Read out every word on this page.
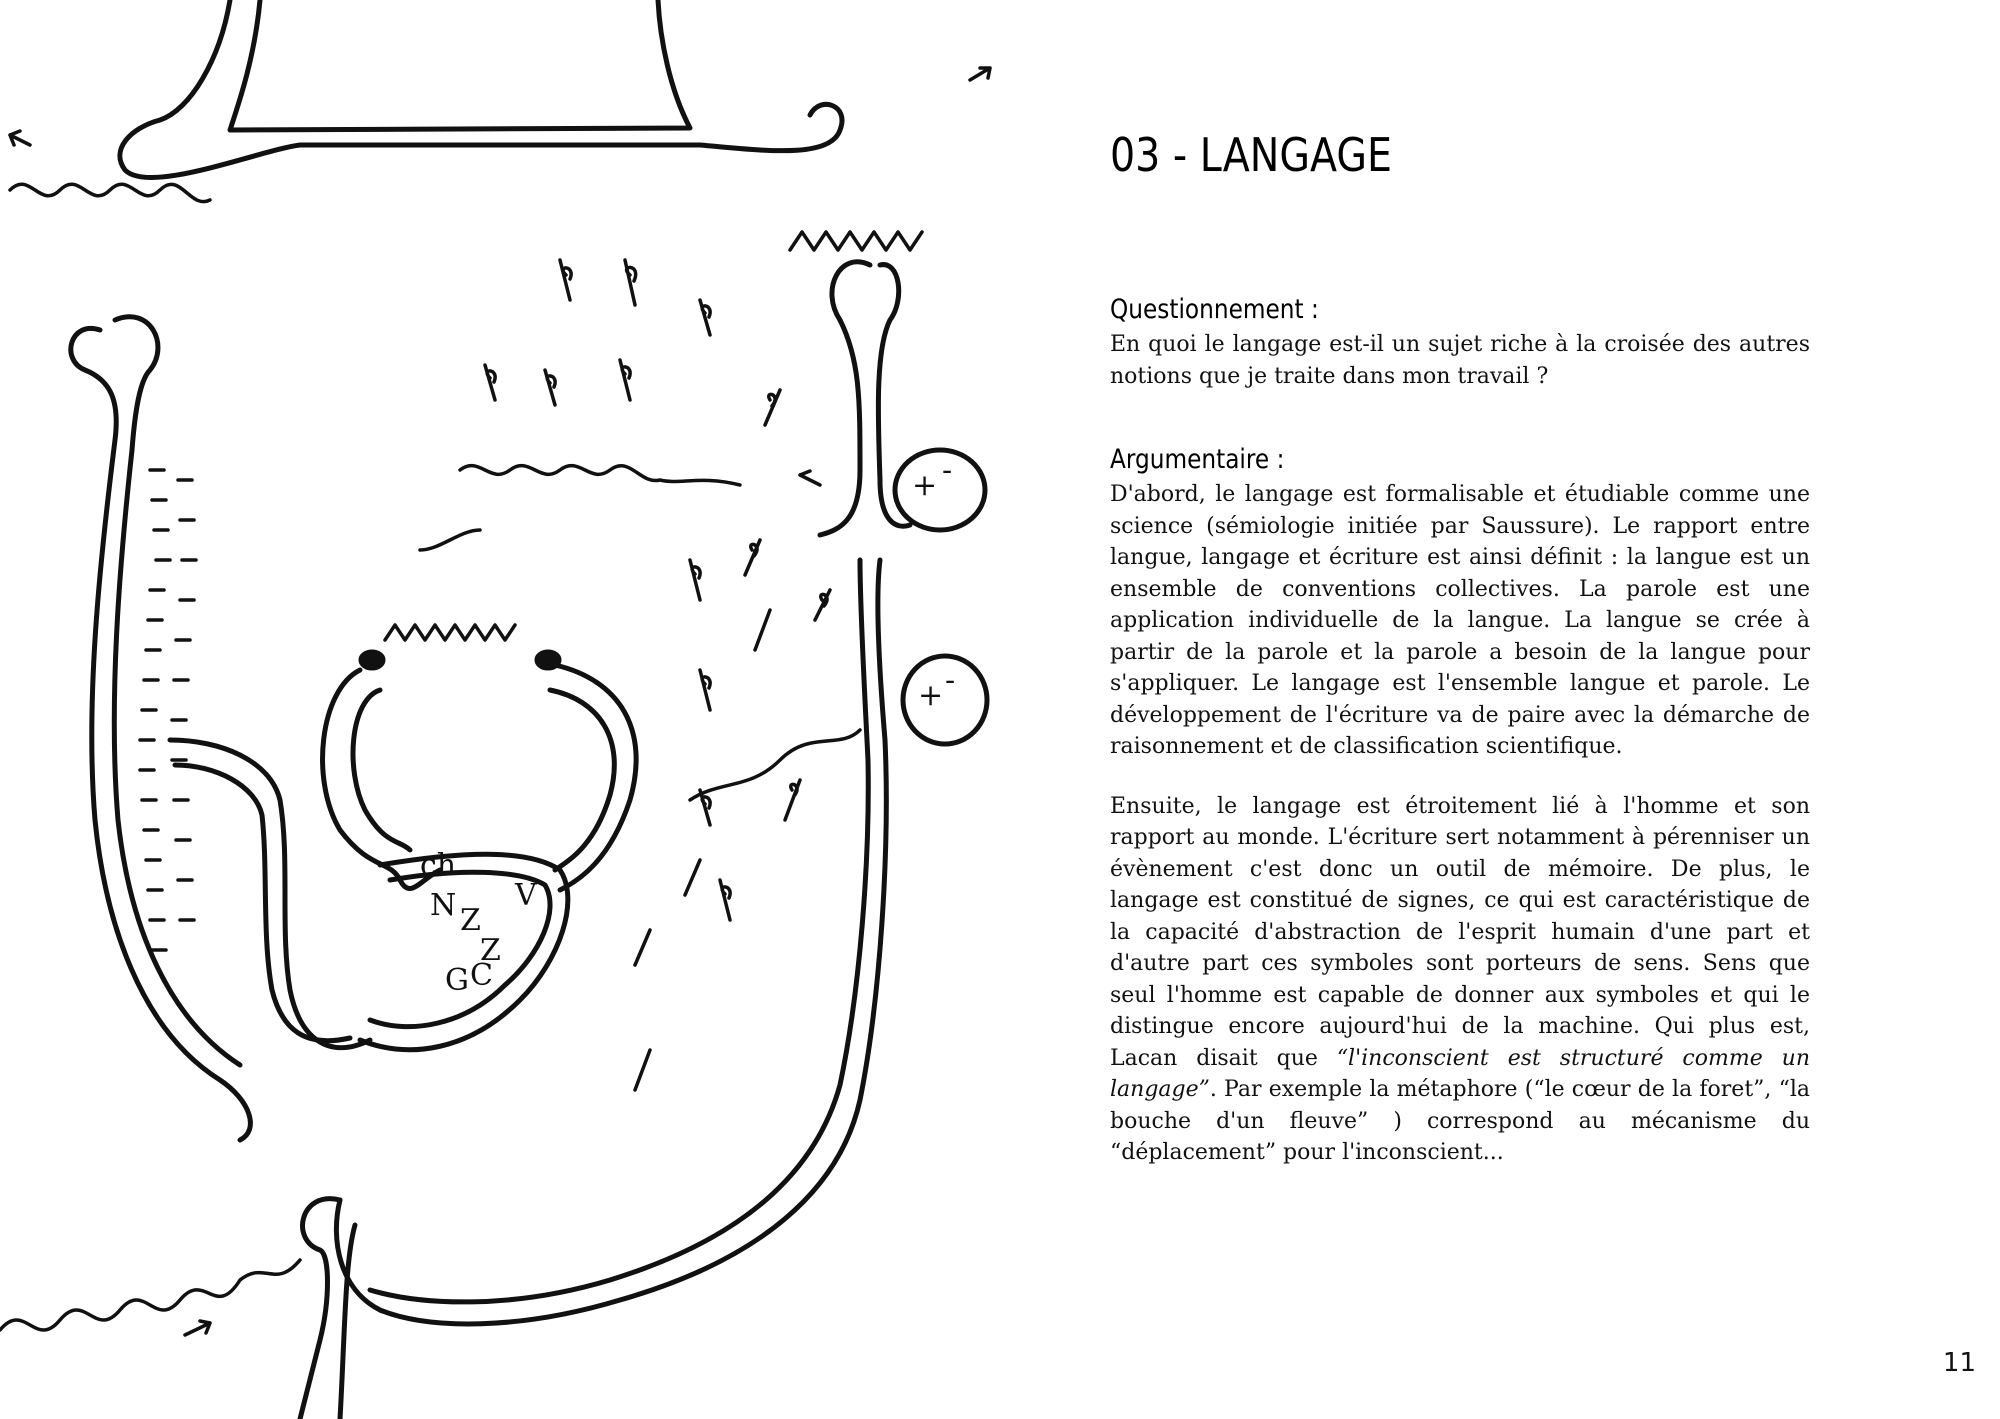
ch
Z
N
Z
V
C
G
+ -
+ -
03 - LANGAGE
Questionnement :

En quoi le langage est-il un sujet riche à la croisée des autres notions que je traite dans mon travail ?

Argumentaire :

D'abord, le langage est formalisable et étudiable comme une science (sémiologie initiée par Saussure). Le rapport entre langue, langage et écriture est ainsi définit : la langue est un ensemble de conventions collectives. La parole est une application individuelle de la langue. La langue se crée à partir de la parole et la parole a besoin de la langue pour s'appliquer. Le langage est l'ensemble langue et parole. Le développement de l'écriture va de paire avec la démarche de raisonnement et de classification scientifique.

Ensuite, le langage est étroitement lié à l'homme et son rapport au monde. L'écriture sert notamment à pérenniser un évènement c'est donc un outil de mémoire. De plus, le langage est constitué de signes, ce qui est caractéristique de la capacité d'abstraction de l'esprit humain d'une part et d'autre part ces symboles sont porteurs de sens. Sens que seul l'homme est capable de donner aux symboles et qui le distingue encore aujourd'hui de la machine. Qui plus est, Lacan disait que “l'inconscient est structuré comme un langage”. Par exemple la métaphore (“le cœur de la foret”, “la bouche d'un fleuve” ) correspond au mécanisme du “déplacement” pour l'inconscient...

11
